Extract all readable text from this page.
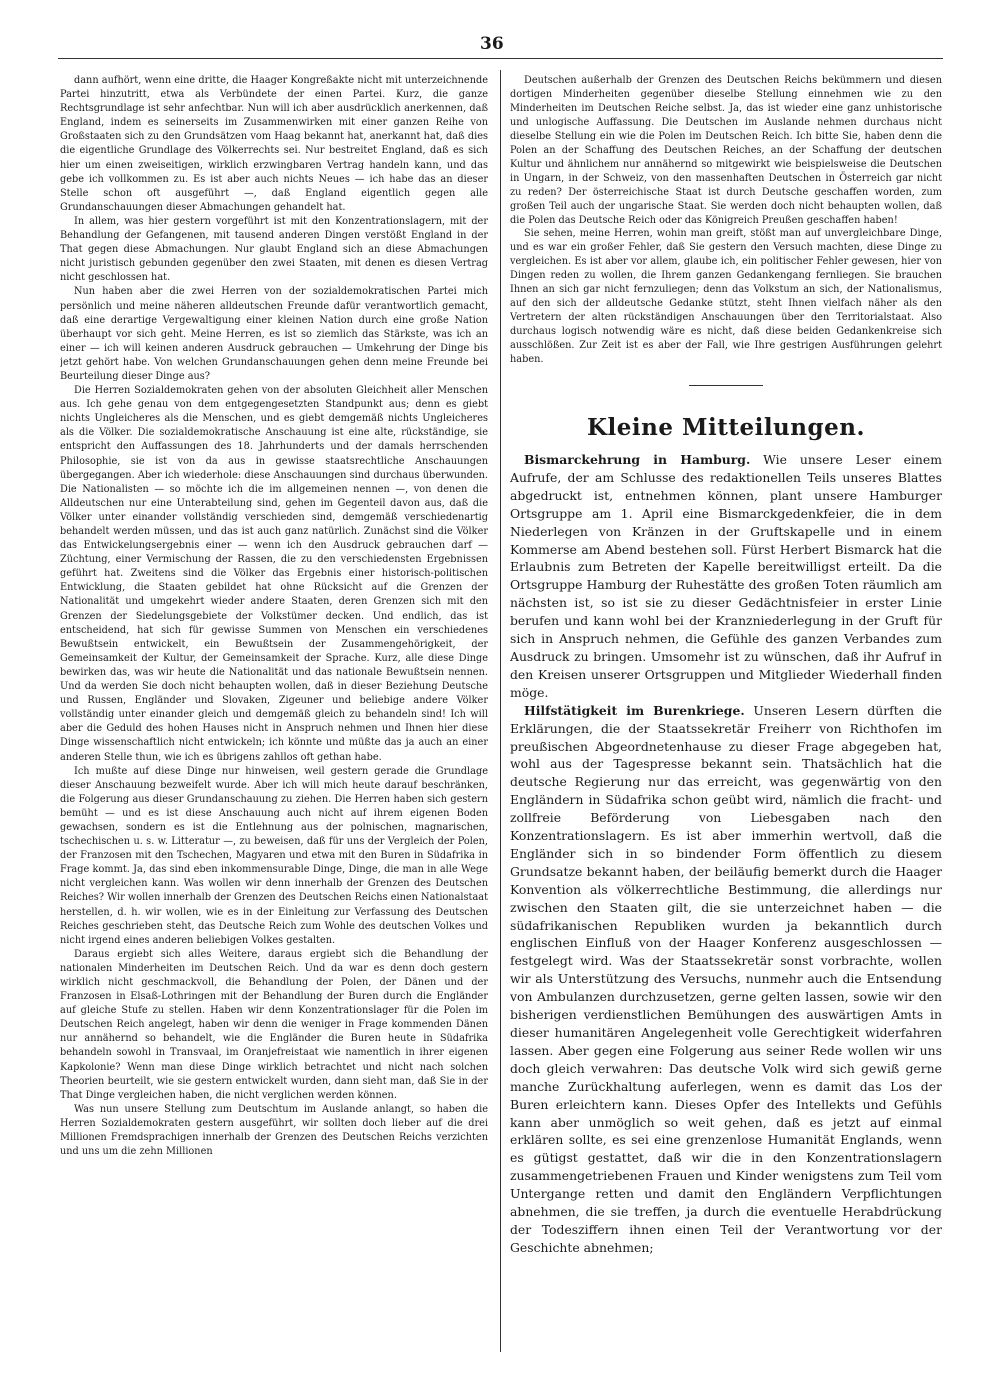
36

dann aufhört, wenn eine dritte, die Haager Kongreßakte nicht mit unterzeichnende Partei hinzutritt, etwa als Verbündete der einen Partei. Kurz, die ganze Rechtsgrundlage ist sehr anfechtbar. Nun will ich aber ausdrücklich anerkennen, daß England, indem es seinerseits im Zusammenwirken mit einer ganzen Reihe von Großstaaten sich zu den Grundsätzen vom Haag bekannt hat, anerkannt hat, daß dies die eigentliche Grundlage des Völkerrechts sei. Nur bestreitet England, daß es sich hier um einen zweiseitigen, wirklich erzwingbaren Vertrag handeln kann, und das gebe ich vollkommen zu. Es ist aber auch nichts Neues — ich habe das an dieser Stelle schon oft ausgeführt —, daß England eigentlich gegen alle Grundanschauungen dieser Abmachungen gehandelt hat.

In allem, was hier gestern vorgeführt ist mit den Konzentrationslagern, mit der Behandlung der Gefangenen, mit tausend anderen Dingen verstößt England in der That gegen diese Abmachungen. Nur glaubt England sich an diese Abmachungen nicht juristisch gebunden gegenüber den zwei Staaten, mit denen es diesen Vertrag nicht geschlossen hat.

Nun haben aber die zwei Herren von der sozialdemokratischen Partei mich persönlich und meine näheren alldeutschen Freunde dafür verantwortlich gemacht, daß eine derartige Vergewaltigung einer kleinen Nation durch eine große Nation überhaupt vor sich geht. Meine Herren, es ist so ziemlich das Stärkste, was ich an einer — ich will keinen anderen Ausdruck gebrauchen — Umkehrung der Dinge bis jetzt gehört habe. Von welchen Grundanschauungen gehen denn meine Freunde bei Beurteilung dieser Dinge aus?

Die Herren Sozialdemokraten gehen von der absoluten Gleichheit aller Menschen aus. Ich gehe genau von dem entgegengesetzten Standpunkt aus; denn es giebt nichts Ungleicheres als die Menschen, und es giebt demgemäß nichts Ungleicheres als die Völker. Die sozialdemokratische Anschauung ist eine alte, rückständige, sie entspricht den Auffassungen des 18. Jahrhunderts und der damals herrschenden Philosophie, sie ist von da aus in gewisse staatsrechtliche Anschauungen übergegangen. Aber ich wiederhole: diese Anschauungen sind durchaus überwunden. Die Nationalisten — so möchte ich die im allgemeinen nennen —, von denen die Alldeutschen nur eine Unterabteilung sind, gehen im Gegenteil davon aus, daß die Völker unter einander vollständig verschieden sind, demgemäß verschiedenartig behandelt werden müssen, und das ist auch ganz natürlich. Zunächst sind die Völker das Entwickelungsergebnis einer — wenn ich den Ausdruck gebrauchen darf — Züchtung, einer Vermischung der Rassen, die zu den verschiedensten Ergebnissen geführt hat. Zweitens sind die Völker das Ergebnis einer historisch-politischen Entwicklung, die Staaten gebildet hat ohne Rücksicht auf die Grenzen der Nationalität und umgekehrt wieder andere Staaten, deren Grenzen sich mit den Grenzen der Siedelungsgebiete der Volkstümer decken. Und endlich, das ist entscheidend, hat sich für gewisse Summen von Menschen ein verschiedenes Bewußtsein entwickelt, ein Bewußtsein der Zusammengehörigkeit, der Gemeinsamkeit der Kultur, der Gemeinsamkeit der Sprache. Kurz, alle diese Dinge bewirken das, was wir heute die Nationalität und das nationale Bewußtsein nennen. Und da werden Sie doch nicht behaupten wollen, daß in dieser Beziehung Deutsche und Russen, Engländer und Slovaken, Zigeuner und beliebige andere Völker vollständig unter einander gleich und demgemäß gleich zu behandeln sind! Ich will aber die Geduld des hohen Hauses nicht in Anspruch nehmen und Ihnen hier diese Dinge wissenschaftlich nicht entwickeln; ich könnte und müßte das ja auch an einer anderen Stelle thun, wie ich es übrigens zahllos oft gethan habe.

Ich mußte auf diese Dinge nur hinweisen, weil gestern gerade die Grundlage dieser Anschauung bezweifelt wurde. Aber ich will mich heute darauf beschränken, die Folgerung aus dieser Grundanschauung zu ziehen. Die Herren haben sich gestern bemüht — und es ist diese Anschauung auch nicht auf ihrem eigenen Boden gewachsen, sondern es ist die Entlehnung aus der polnischen, magnarischen, tschechischen u. s. w. Litteratur —, zu beweisen, daß für uns der Vergleich der Polen, der Franzosen mit den Tschechen, Magyaren und etwa mit den Buren in Südafrika in Frage kommt. Ja, das sind eben inkommensurable Dinge, Dinge, die man in alle Wege nicht vergleichen kann. Was wollen wir denn innerhalb der Grenzen des Deutschen Reiches? Wir wollen innerhalb der Grenzen des Deutschen Reichs einen Nationalstaat herstellen, d. h. wir wollen, wie es in der Einleitung zur Verfassung des Deutschen Reiches geschrieben steht, das Deutsche Reich zum Wohle des deutschen Volkes und nicht irgend eines anderen beliebigen Volkes gestalten.

Daraus ergiebt sich alles Weitere, daraus ergiebt sich die Behandlung der nationalen Minderheiten im Deutschen Reich. Und da war es denn doch gestern wirklich nicht geschmackvoll, die Behandlung der Polen, der Dänen und der Franzosen in Elsaß-Lothringen mit der Behandlung der Buren durch die Engländer auf gleiche Stufe zu stellen. Haben wir denn Konzentrationslager für die Polen im Deutschen Reich angelegt, haben wir denn die weniger in Frage kommenden Dänen nur annähernd so behandelt, wie die Engländer die Buren heute in Südafrika behandeln sowohl in Transvaal, im Oranjefreistaat wie namentlich in ihrer eigenen Kapkolonie? Wenn man diese Dinge wirklich betrachtet und nicht nach solchen Theorien beurteilt, wie sie gestern entwickelt wurden, dann sieht man, daß Sie in der That Dinge vergleichen haben, die nicht verglichen werden können.

Was nun unsere Stellung zum Deutschtum im Auslande anlangt, so haben die Herren Sozialdemokraten gestern ausgeführt, wir sollten doch lieber auf die drei Millionen Fremdsprachigen innerhalb der Grenzen des Deutschen Reichs verzichten und uns um die zehn Millionen

Deutschen außerhalb der Grenzen des Deutschen Reichs bekümmern und diesen dortigen Minderheiten gegenüber dieselbe Stellung einnehmen wie zu den Minderheiten im Deutschen Reiche selbst. Ja, das ist wieder eine ganz unhistorische und unlogische Auffassung. Die Deutschen im Auslande nehmen durchaus nicht dieselbe Stellung ein wie die Polen im Deutschen Reich. Ich bitte Sie, haben denn die Polen an der Schaffung des Deutschen Reiches, an der Schaffung der deutschen Kultur und ähnlichem nur annähernd so mitgewirkt wie beispielsweise die Deutschen in Ungarn, in der Schweiz, von den massenhaften Deutschen in Österreich gar nicht zu reden? Der österreichische Staat ist durch Deutsche geschaffen worden, zum großen Teil auch der ungarische Staat. Sie werden doch nicht behaupten wollen, daß die Polen das Deutsche Reich oder das Königreich Preußen geschaffen haben!

Sie sehen, meine Herren, wohin man greift, stößt man auf unvergleichbare Dinge, und es war ein großer Fehler, daß Sie gestern den Versuch machten, diese Dinge zu vergleichen. Es ist aber vor allem, glaube ich, ein politischer Fehler gewesen, hier von Dingen reden zu wollen, die Ihrem ganzen Gedankengang fernliegen. Sie brauchen Ihnen an sich gar nicht fernzuliegen; denn das Volkstum an sich, der Nationalismus, auf den sich der alldeutsche Gedanke stützt, steht Ihnen vielfach näher als den Vertretern der alten rückständigen Anschauungen über den Territorialstaat. Also durchaus logisch notwendig wäre es nicht, daß diese beiden Gedankenkreise sich ausschlößen. Zur Zeit ist es aber der Fall, wie Ihre gestrigen Ausführungen gelehrt haben.

Kleine Mitteilungen.

Bismarckehrung in Hamburg. Wie unsere Leser einem Aufrufe, der am Schlusse des redaktionellen Teils unseres Blattes abgedruckt ist, entnehmen können, plant unsere Hamburger Ortsgruppe am 1. April eine Bismarckgedenkfeier, die in dem Niederlegen von Kränzen in der Gruftskapelle und in einem Kommerse am Abend bestehen soll. Fürst Herbert Bismarck hat die Erlaubnis zum Betreten der Kapelle bereitwilligst erteilt. Da die Ortsgruppe Hamburg der Ruhestätte des großen Toten räumlich am nächsten ist, so ist sie zu dieser Gedächtnisfeier in erster Linie berufen und kann wohl bei der Kranzniederlegung in der Gruft für sich in Anspruch nehmen, die Gefühle des ganzen Verbandes zum Ausdruck zu bringen. Umsomehr ist zu wünschen, daß ihr Aufruf in den Kreisen unserer Ortsgruppen und Mitglieder Wiederhall finden möge.

Hilfstätigkeit im Burenkriege. Unseren Lesern dürften die Erklärungen, die der Staatssekretär Freiherr von Richthofen im preußischen Abgeordnetenhause zu dieser Frage abgegeben hat, wohl aus der Tagespresse bekannt sein. Thatsächlich hat die deutsche Regierung nur das erreicht, was gegenwärtig von den Engländern in Südafrika schon geübt wird, nämlich die fracht- und zollfreie Beförderung von Liebesgaben nach den Konzentrationslagern. Es ist aber immerhin wertvoll, daß die Engländer sich in so bindender Form öffentlich zu diesem Grundsatze bekannt haben, der beiläufig bemerkt durch die Haager Konvention als völkerrechtliche Bestimmung, die allerdings nur zwischen den Staaten gilt, die sie unterzeichnet haben — die südafrikanischen Republiken wurden ja bekanntlich durch englischen Einfluß von der Haager Konferenz ausgeschlossen — festgelegt wird. Was der Staatssekretär sonst vorbrachte, wollen wir als Unterstützung des Versuchs, nunmehr auch die Entsendung von Ambulanzen durchzusetzen, gerne gelten lassen, sowie wir den bisherigen verdienstlichen Bemühungen des auswärtigen Amts in dieser humanitären Angelegenheit volle Gerechtigkeit widerfahren lassen. Aber gegen eine Folgerung aus seiner Rede wollen wir uns doch gleich verwahren: Das deutsche Volk wird sich gewiß gerne manche Zurückhaltung auferlegen, wenn es damit das Los der Buren erleichtern kann. Dieses Opfer des Intellekts und Gefühls kann aber unmöglich so weit gehen, daß es jetzt auf einmal erklären sollte, es sei eine grenzenlose Humanität Englands, wenn es gütigst gestattet, daß wir die in den Konzentrationslagern zusammengetriebenen Frauen und Kinder wenigstens zum Teil vom Untergange retten und damit den Engländern Verpflichtungen abnehmen, die sie treffen, ja durch die eventuelle Herabdrückung der Todesziffern ihnen einen Teil der Verantwortung vor der Geschichte abnehmen;
